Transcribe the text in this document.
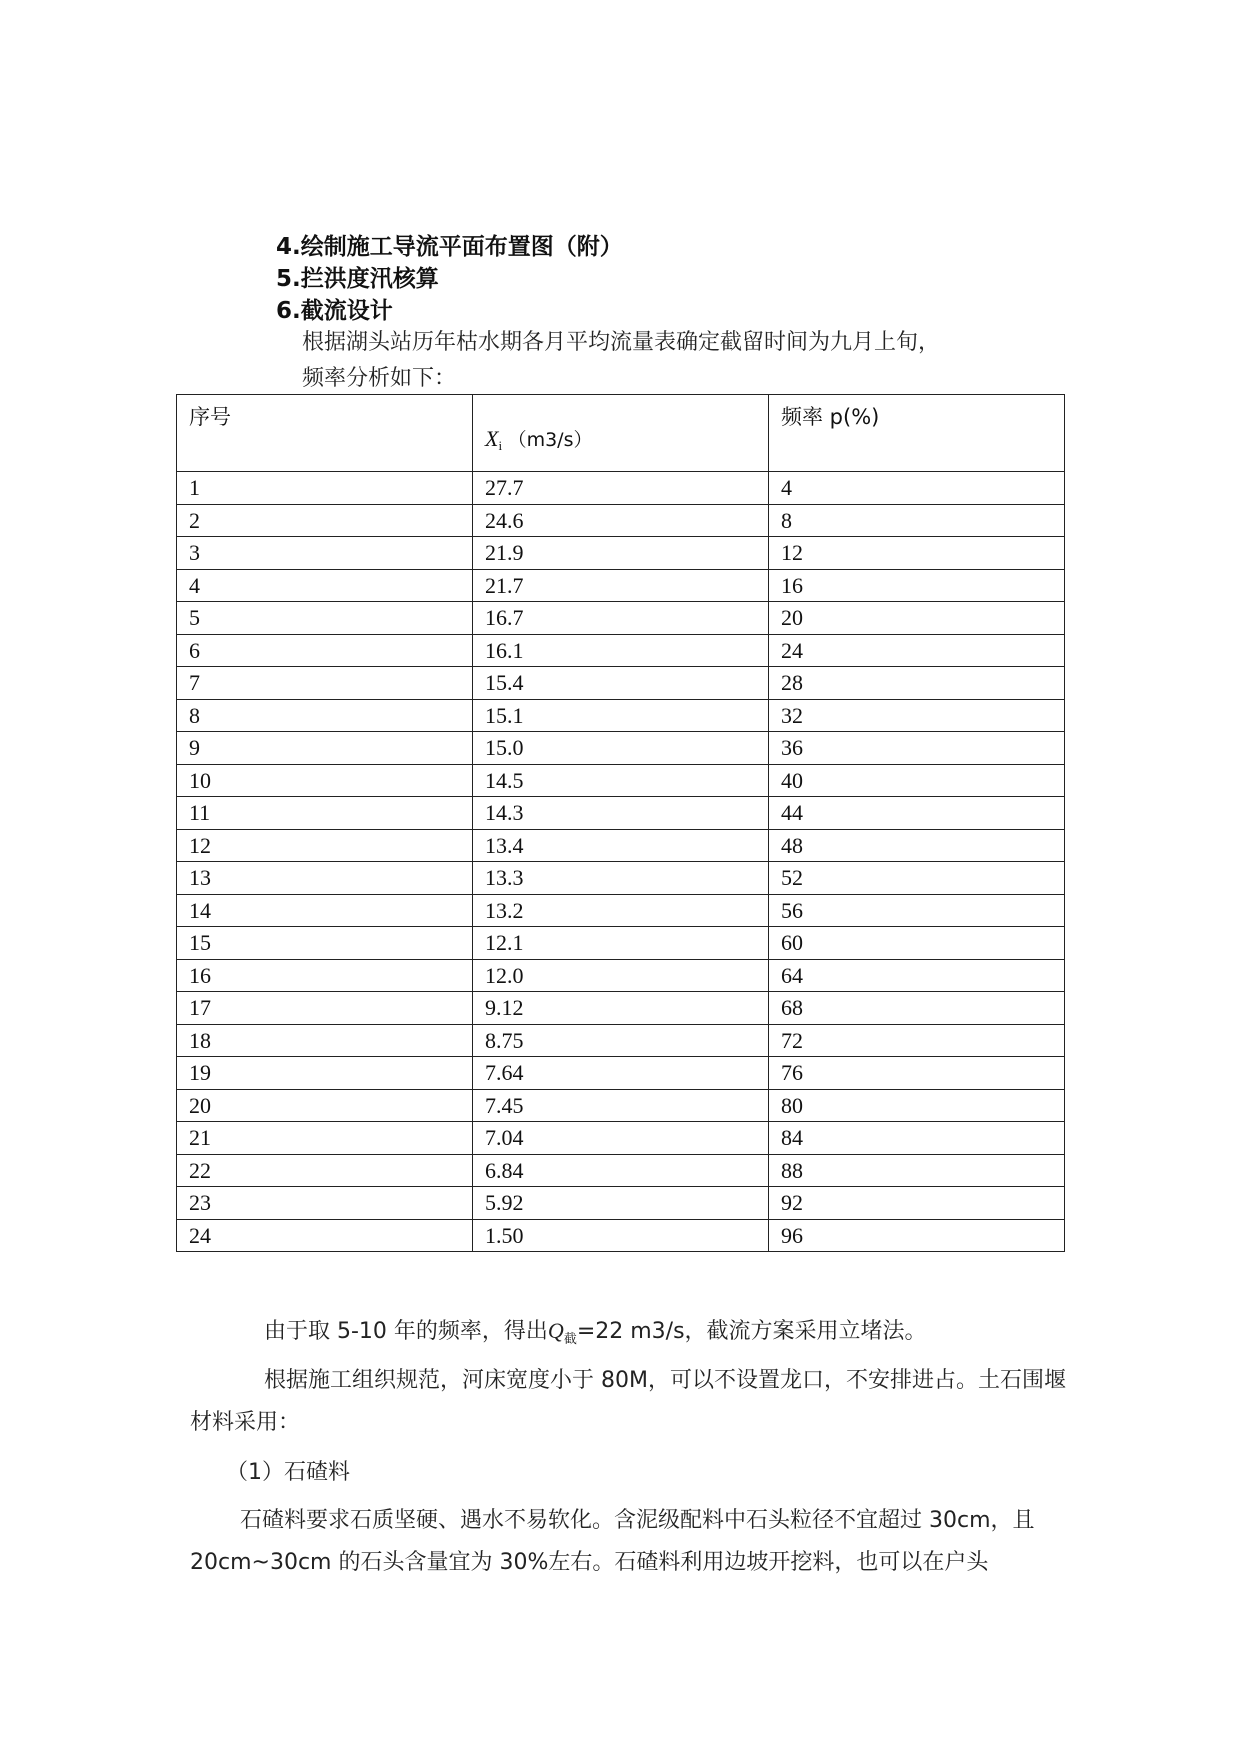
4.绘制施工导流平面布置图（附）
5.拦洪度汛核算
6.截流设计
根据湖头站历年枯水期各月平均流量表确定截留时间为九月上旬，
频率分析如下：
序号	$X_i$ （m3/s）	频率 p(%)
1	27.7	4
2	24.6	8
3	21.9	12
4	21.7	16
5	16.7	20
6	16.1	24
7	15.4	28
8	15.1	32
9	15.0	36
10	14.5	40
11	14.3	44
12	13.4	48
13	13.3	52
14	13.2	56
15	12.1	60
16	12.0	64
17	9.12	68
18	8.75	72
19	7.64	76
20	7.45	80
21	7.04	84
22	6.84	88
23	5.92	92
24	1.50	96
由于取 5-10 年的频率，得出$Q_截=22$ m3/s，截流方案采用立堵法。
根据施工组织规范，河床宽度小于 80M，可以不设置龙口，不安排进占。土石围堰材料采用：
（1）石碴料
石碴料要求石质坚硬、遇水不易软化。含泥级配料中石头粒径不宜超过 30cm，且 20cm~30cm 的石头含量宜为 30%左右。石碴料利用边坡开挖料，也可以在户头
